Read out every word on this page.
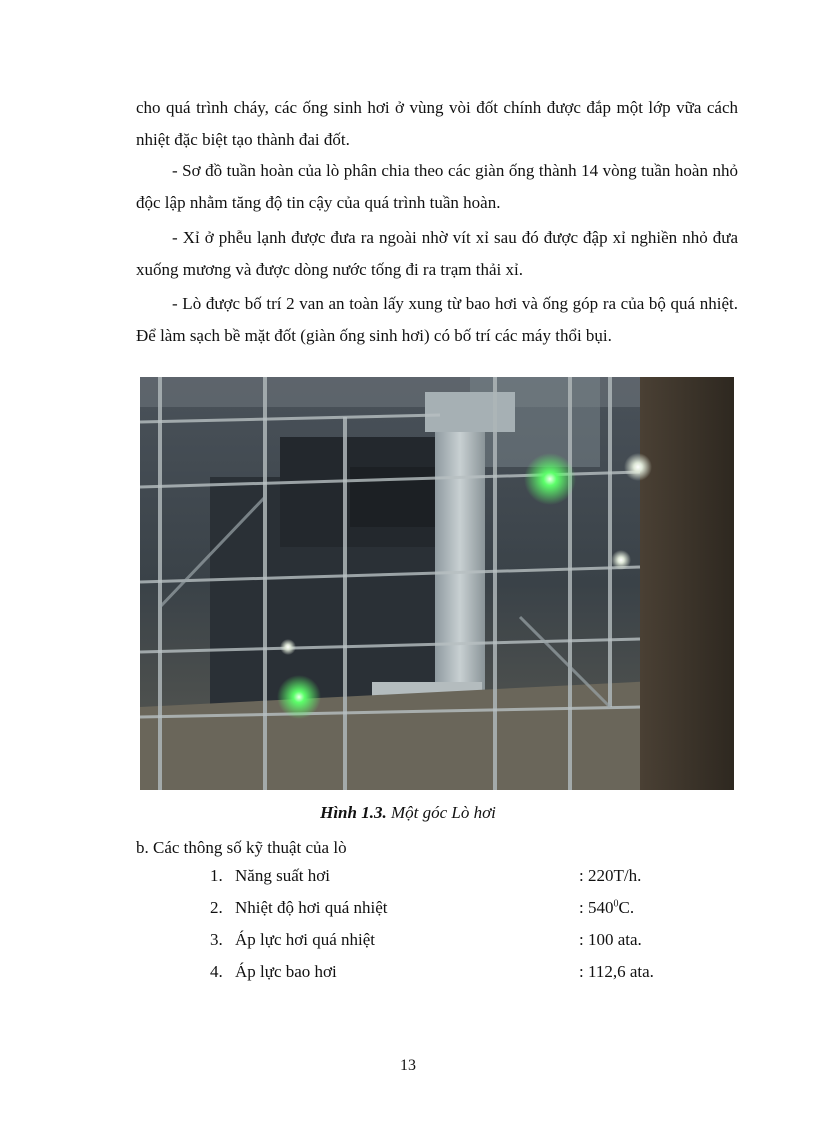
cho quá trình cháy, các ống sinh hơi ở vùng vòi đốt chính được đắp một lớp vữa cách nhiệt đặc biệt tạo thành đai đốt.

- Sơ đồ tuần hoàn của lò phân chia theo các giàn ống thành 14 vòng tuần hoàn nhỏ độc lập nhằm tăng độ tin cậy của quá trình tuần hoàn.

- Xỉ ở phễu lạnh được đưa ra ngoài nhờ vít xỉ sau đó được đập xỉ nghiền nhỏ đưa xuống mương và được dòng nước tống đi ra trạm thải xỉ.

- Lò được bố trí 2 van an toàn lấy xung từ bao hơi và ống góp ra của bộ quá nhiệt. Để làm sạch bề mặt đốt (giàn ống sinh hơi) có bố trí các máy thổi bụi.

Hình 1.3. Một góc Lò hơi
b. Các thông số kỹ thuật của lò
1. Năng suất hơi	: 220T/h.
2. Nhiệt độ hơi quá nhiệt	: $540^0C$.
3. Áp lực hơi quá nhiệt	: 100 ata.
4. Áp lực bao hơi	: 112,6 ata.
13
